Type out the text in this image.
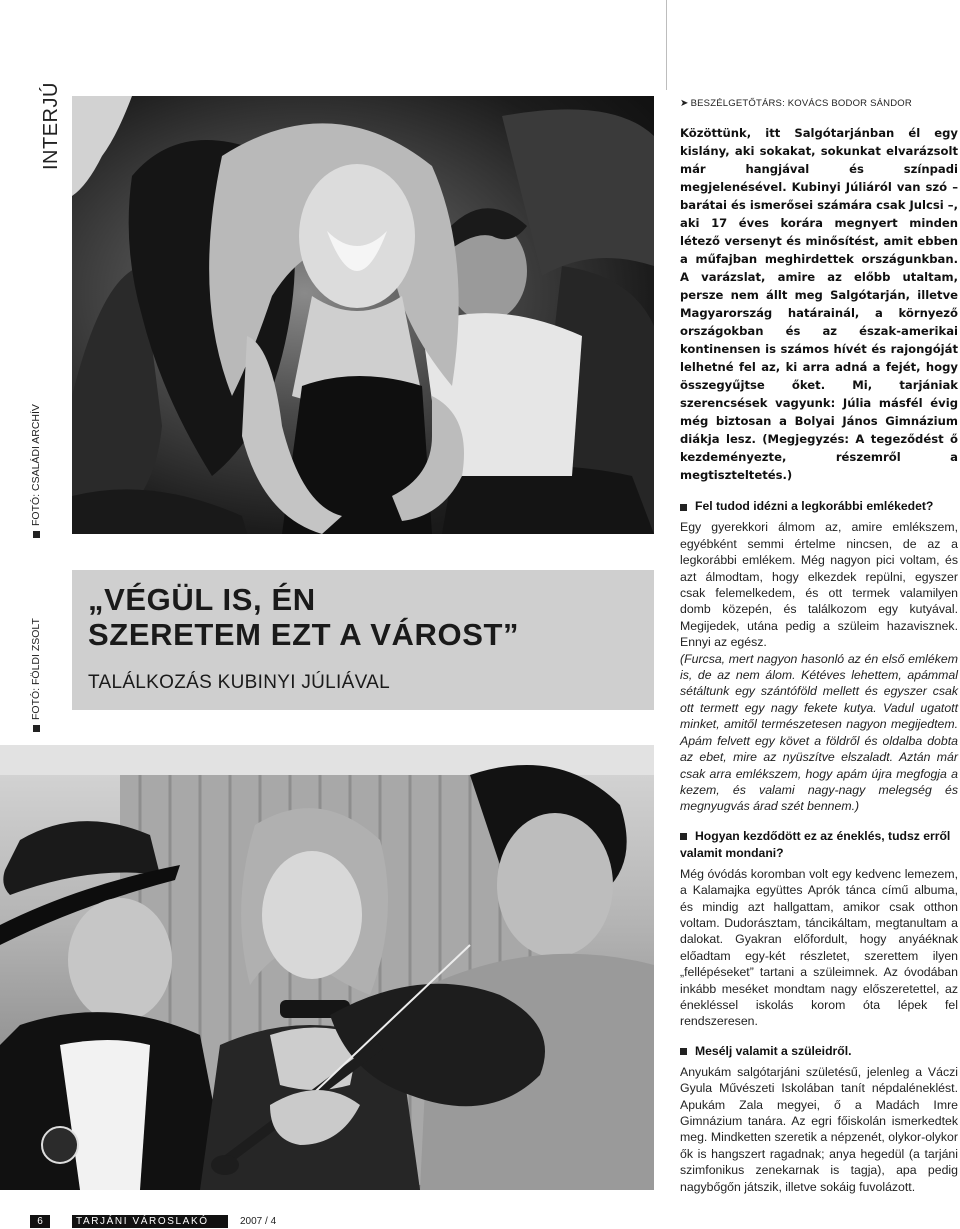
INTERJÚ
FOTÓ: CSALÁDI ARCHÍV
FOTÓ: FÖLDI ZSOLT
„VÉGÜL IS, ÉN
SZERETEM EZT A VÁROST”
TALÁLKOZÁS KUBINYI JÚLIÁVAL

➤ BESZÉLGETŐTÁRS: KOVÁCS BODOR SÁNDOR

Közöttünk, itt Salgótarjánban él egy kislány, aki sokakat, sokunkat elvarázsolt már hangjával és színpadi megjelenésével. Kubinyi Júliáról van szó – barátai és ismerősei számára csak Julcsi –, aki 17 éves korára megnyert minden létező versenyt és minősítést, amit ebben a műfajban meghirdettek országunkban. A varázslat, amire az előbb utaltam, persze nem állt meg Salgótarján, illetve Magyarország határainál, a környező országokban és az észak-amerikai kontinensen is számos hívét és rajongóját lelhetné fel az, ki arra adná a fejét, hogy összegyűjtse őket. Mi, tarjániak szerencsések vagyunk: Júlia másfél évig még biztosan a Bolyai János Gimnázium diákja lesz. (Megjegyzés: A tegeződést ő kezdeményezte, részemről a megtiszteltetés.)

Fel tudod idézni a legkorábbi emlékedet?

Egy gyerekkori álmom az, amire emlékszem, egyébként semmi értelme nincsen, de az a legkorábbi emlékem. Még nagyon pici voltam, és azt álmodtam, hogy elkezdek repülni, egyszer csak felemelkedem, és ott termek valamilyen domb közepén, és találkozom egy kutyával. Megijedek, utána pedig a szüleim hazavisznek. Ennyi az egész.

(Furcsa, mert nagyon hasonló az én első emlékem is, de az nem álom. Kétéves lehettem, apámmal sétáltunk egy szántóföld mellett és egyszer csak ott termett egy nagy fekete kutya. Vadul ugatott minket, amitől természetesen nagyon megijedtem. Apám felvett egy követ a földről és oldalba dobta az ebet, mire az nyüszítve elszaladt. Aztán már csak arra emlékszem, hogy apám újra megfogja a kezem, és valami nagy-nagy melegség és megnyugvás árad szét bennem.)

Hogyan kezdődött ez az éneklés, tudsz erről valamit mondani?

Még óvódás koromban volt egy kedvenc lemezem, a Kalamajka együttes Aprók tánca című albuma, és mindig azt hallgattam, amikor csak otthon voltam. Dudorásztam, táncikáltam, megtanultam a dalokat. Gyakran előfordult, hogy anyáéknak előadtam egy-két részletet, szerettem ilyen „fellépéseket” tartani a szüleimnek. Az óvodában inkább meséket mondtam nagy előszeretettel, az énekléssel iskolás korom óta lépek fel rendszeresen.

Mesélj valamit a szüleidről.

Anyukám salgótarjáni születésű, jelenleg a Váczi Gyula Művészeti Iskolában tanít népdaléneklést. Apukám Zala megyei, ő a Madách Imre Gimnázium tanára. Az egri főiskolán ismerkedtek meg. Mindketten szeretik a népzenét, olykor-olykor ők is hangszert ragadnak; anya hegedül (a tarjáni szimfonikus zenekarnak is tagja), apa pedig nagybőgőn játszik, illetve sokáig fuvolázott.

6	TARJÁNI VÁROSLAKÓ	2007 / 4
